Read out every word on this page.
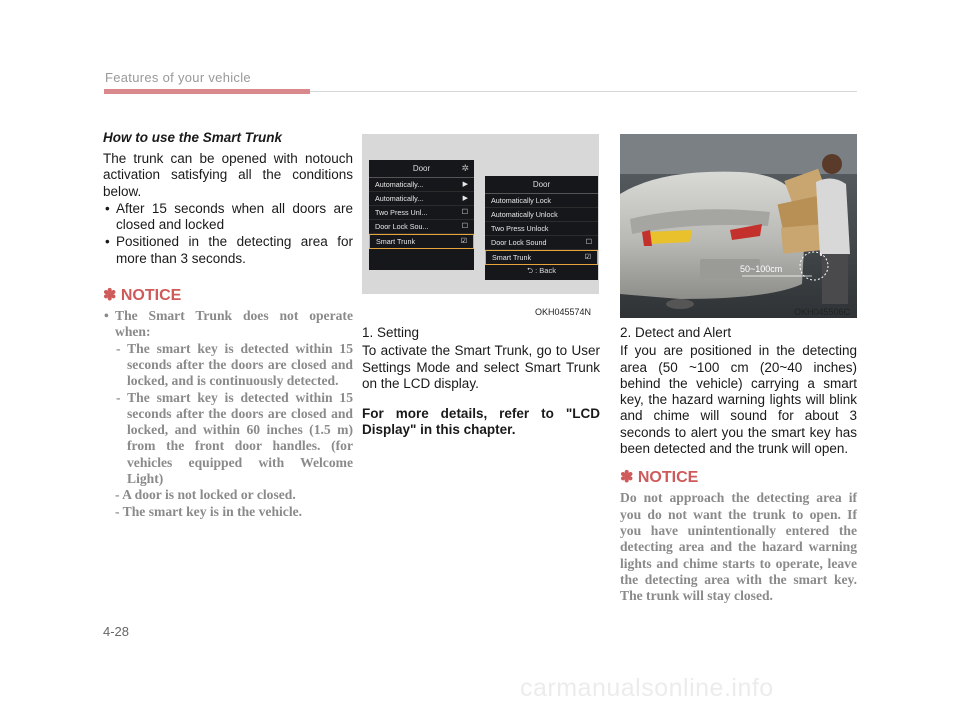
Features of your vehicle
How to use the Smart Trunk
The trunk can be opened with notouch activation satisfying all the conditions below.
• After 15 seconds when all doors are closed and locked
• Positioned in the detecting area for more than 3 seconds.
✽ NOTICE
• The Smart Trunk does not operate when:
- The smart key is detected within 15 seconds after the doors are closed and locked, and is continuously detected.
- The smart key is detected within 15 seconds after the doors are closed and locked, and within 60 inches (1.5 m) from the front door handles. (for vehicles equipped with Welcome Light)
- A door is not locked or closed.
- The smart key is in the vehicle.
Door	✲
Automatically...	▶
Automatically...	▶
Two Press Unl...	☐
Door Lock Sou...	☐
Smart Trunk	☑
Door
Automatically Lock
Automatically Unlock
Two Press Unlock
Door Lock Sound	☐
Smart Trunk	☑
⮌ : Back
OKH045574N
50~100cm
OKH045506C
1. Setting
To activate the Smart Trunk, go to User Settings Mode and select Smart Trunk on the LCD display.
For more details, refer to "LCD Display" in this chapter.
2. Detect and Alert
If you are positioned in the detecting area (50 ~100 cm (20~40 inches) behind the vehicle) carrying a smart key, the hazard warning lights will blink and chime will sound for about 3 seconds to alert you the smart key has been detected and the trunk will open.
✽ NOTICE
Do not approach the detecting area if you do not want the trunk to open. If you have unintentionally entered the detecting area and the hazard warning lights and chime starts to operate, leave the detecting area with the smart key. The trunk will stay closed.
4-28
carmanualsonline.info
